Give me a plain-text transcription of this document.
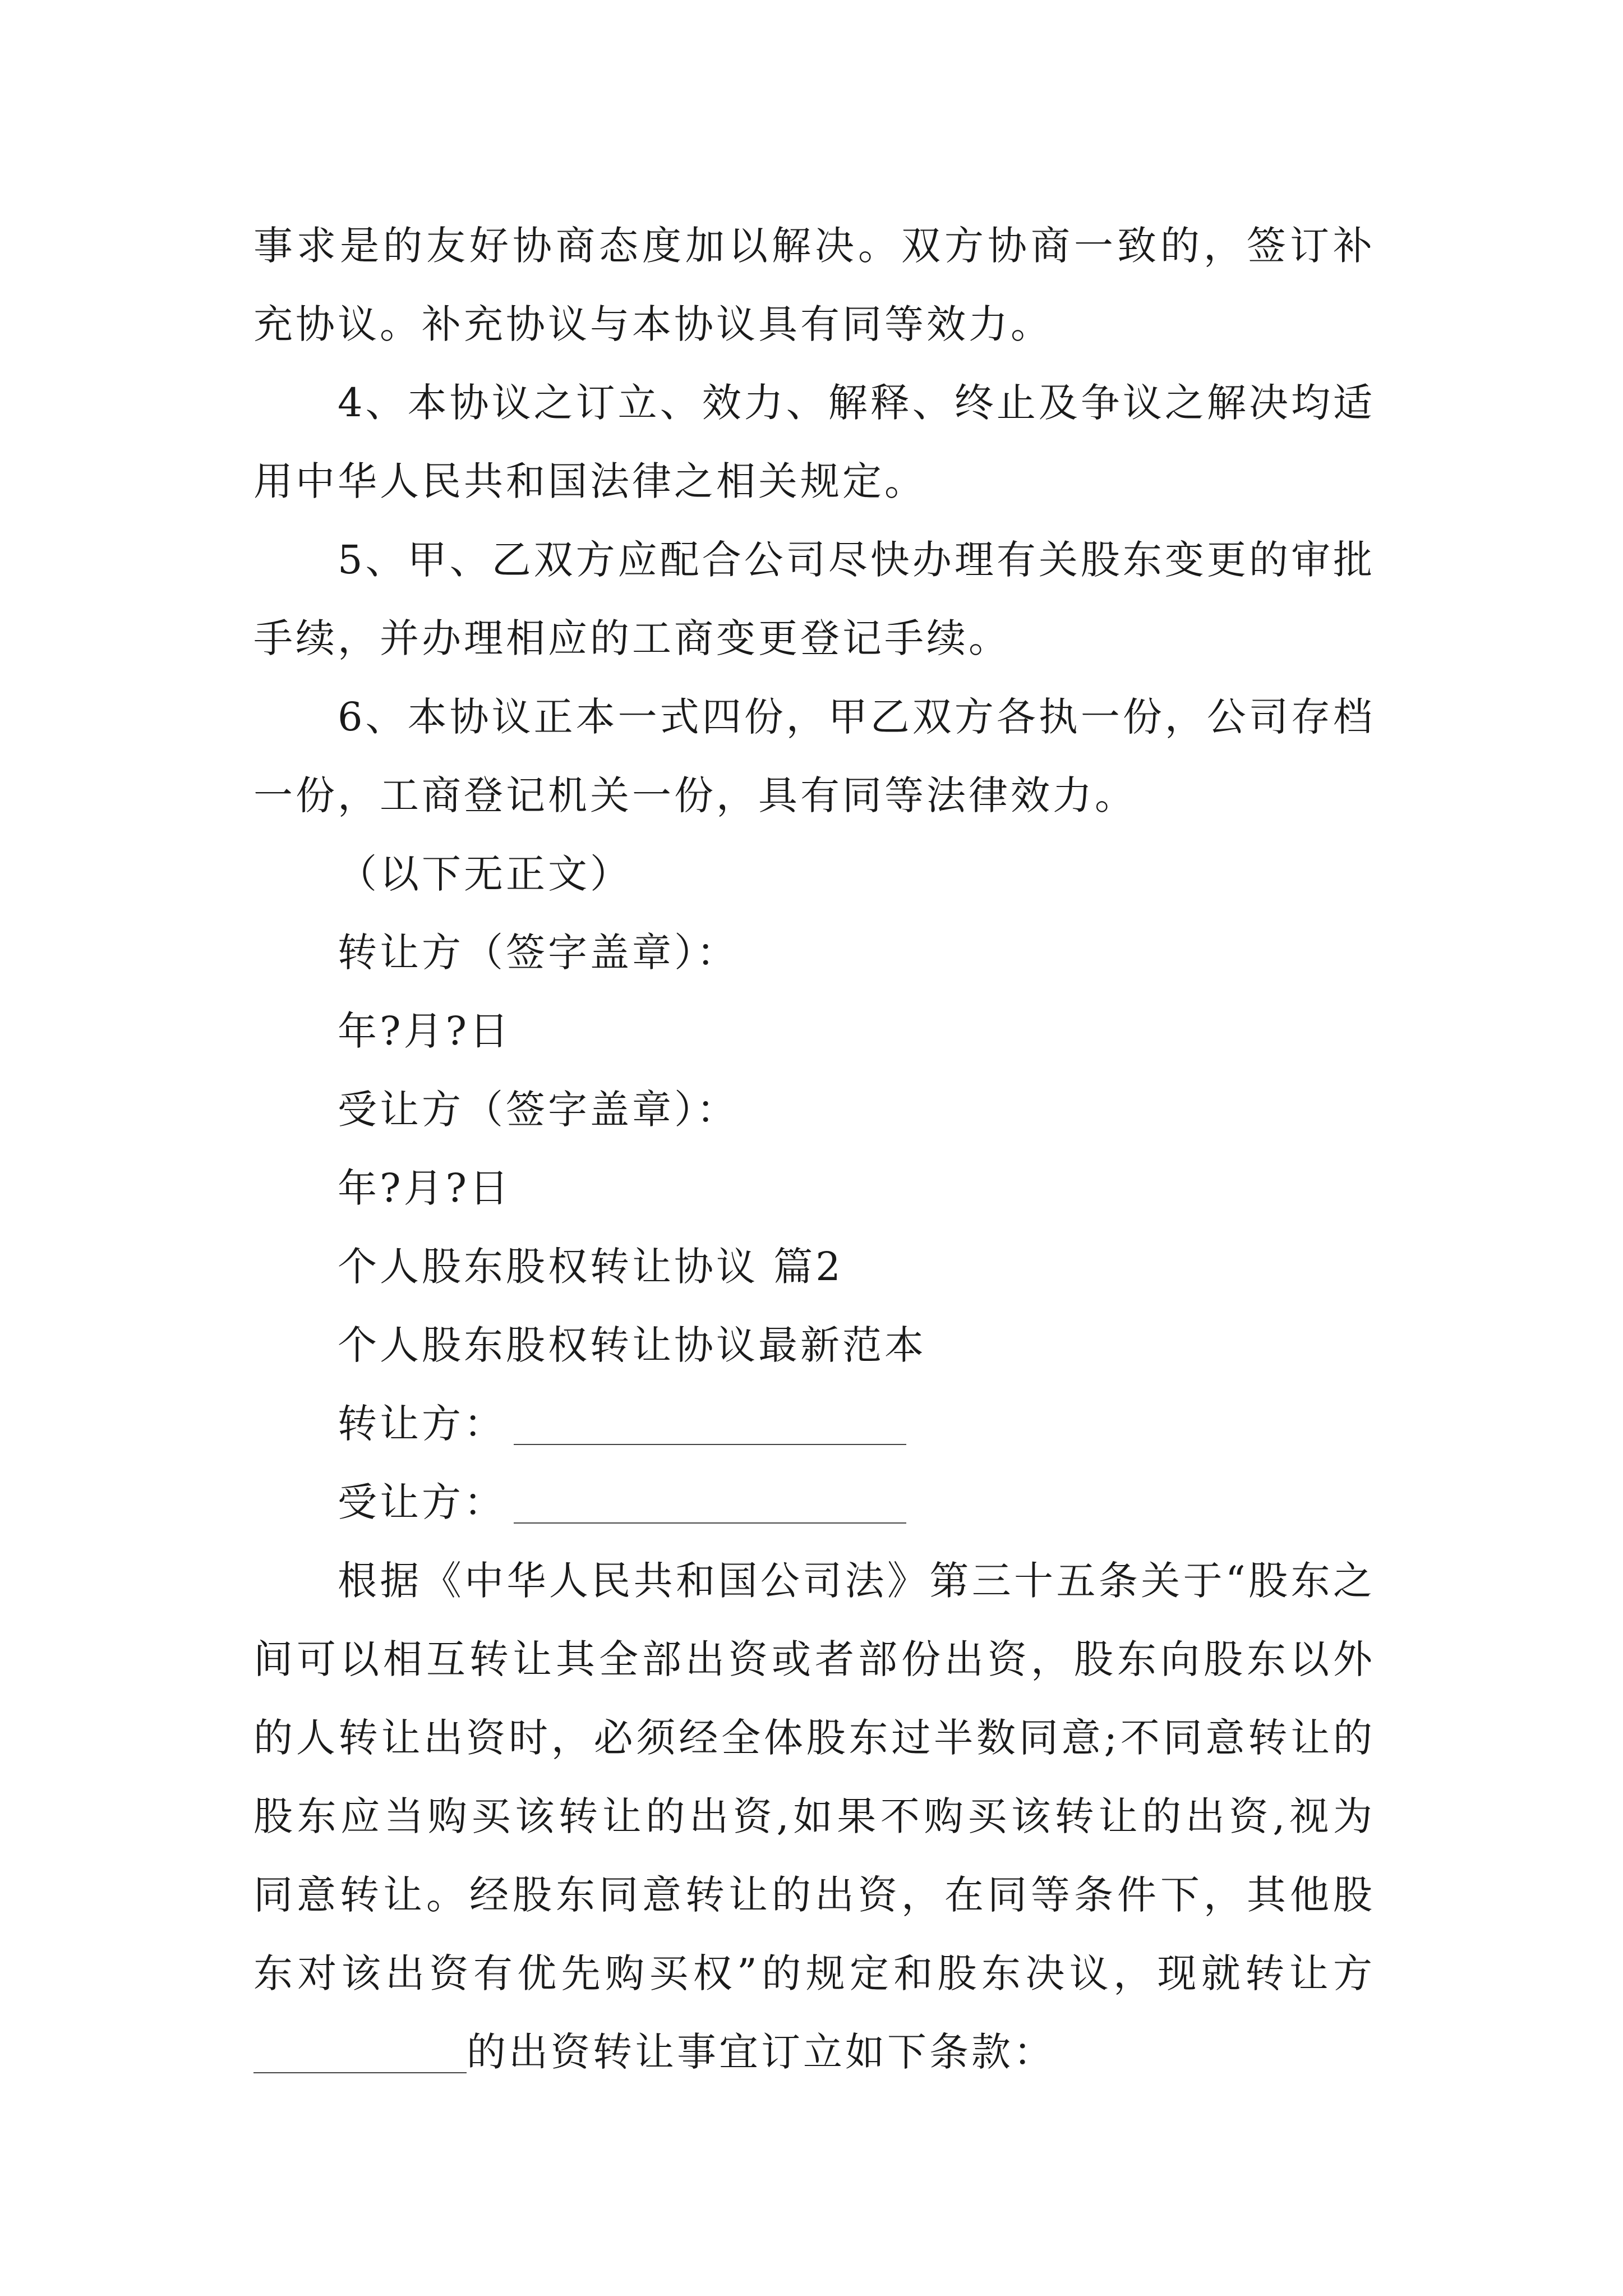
事求是的友好协商态度加以解决。双方协商一致的，签订补充协议。补充协议与本协议具有同等效力。

4、本协议之订立、效力、解释、终止及争议之解决均适用中华人民共和国法律之相关规定。

5、甲、乙双方应配合公司尽快办理有关股东变更的审批手续，并办理相应的工商变更登记手续。

6、本协议正本一式四份，甲乙双方各执一份，公司存档一份，工商登记机关一份，具有同等法律效力。

（以下无正文）

转让方（签字盖章）：

年?月?日

受让方（签字盖章）：

年?月?日

个人股东股权转让协议 篇2

个人股东股权转让协议最新范本

转让方：

受让方：

根据《中华人民共和国公司法》第三十五条关于“股东之间可以相互转让其全部出资或者部份出资，股东向股东以外的人转让出资时，必须经全体股东过半数同意;不同意转让的股东应当购买该转让的出资,如果不购买该转让的出资,视为同意转让。经股东同意转让的出资，在同等条件下，其他股东对该出资有优先购买权”的规定和股东决议，现就转让方的出资转让事宜订立如下条款：
